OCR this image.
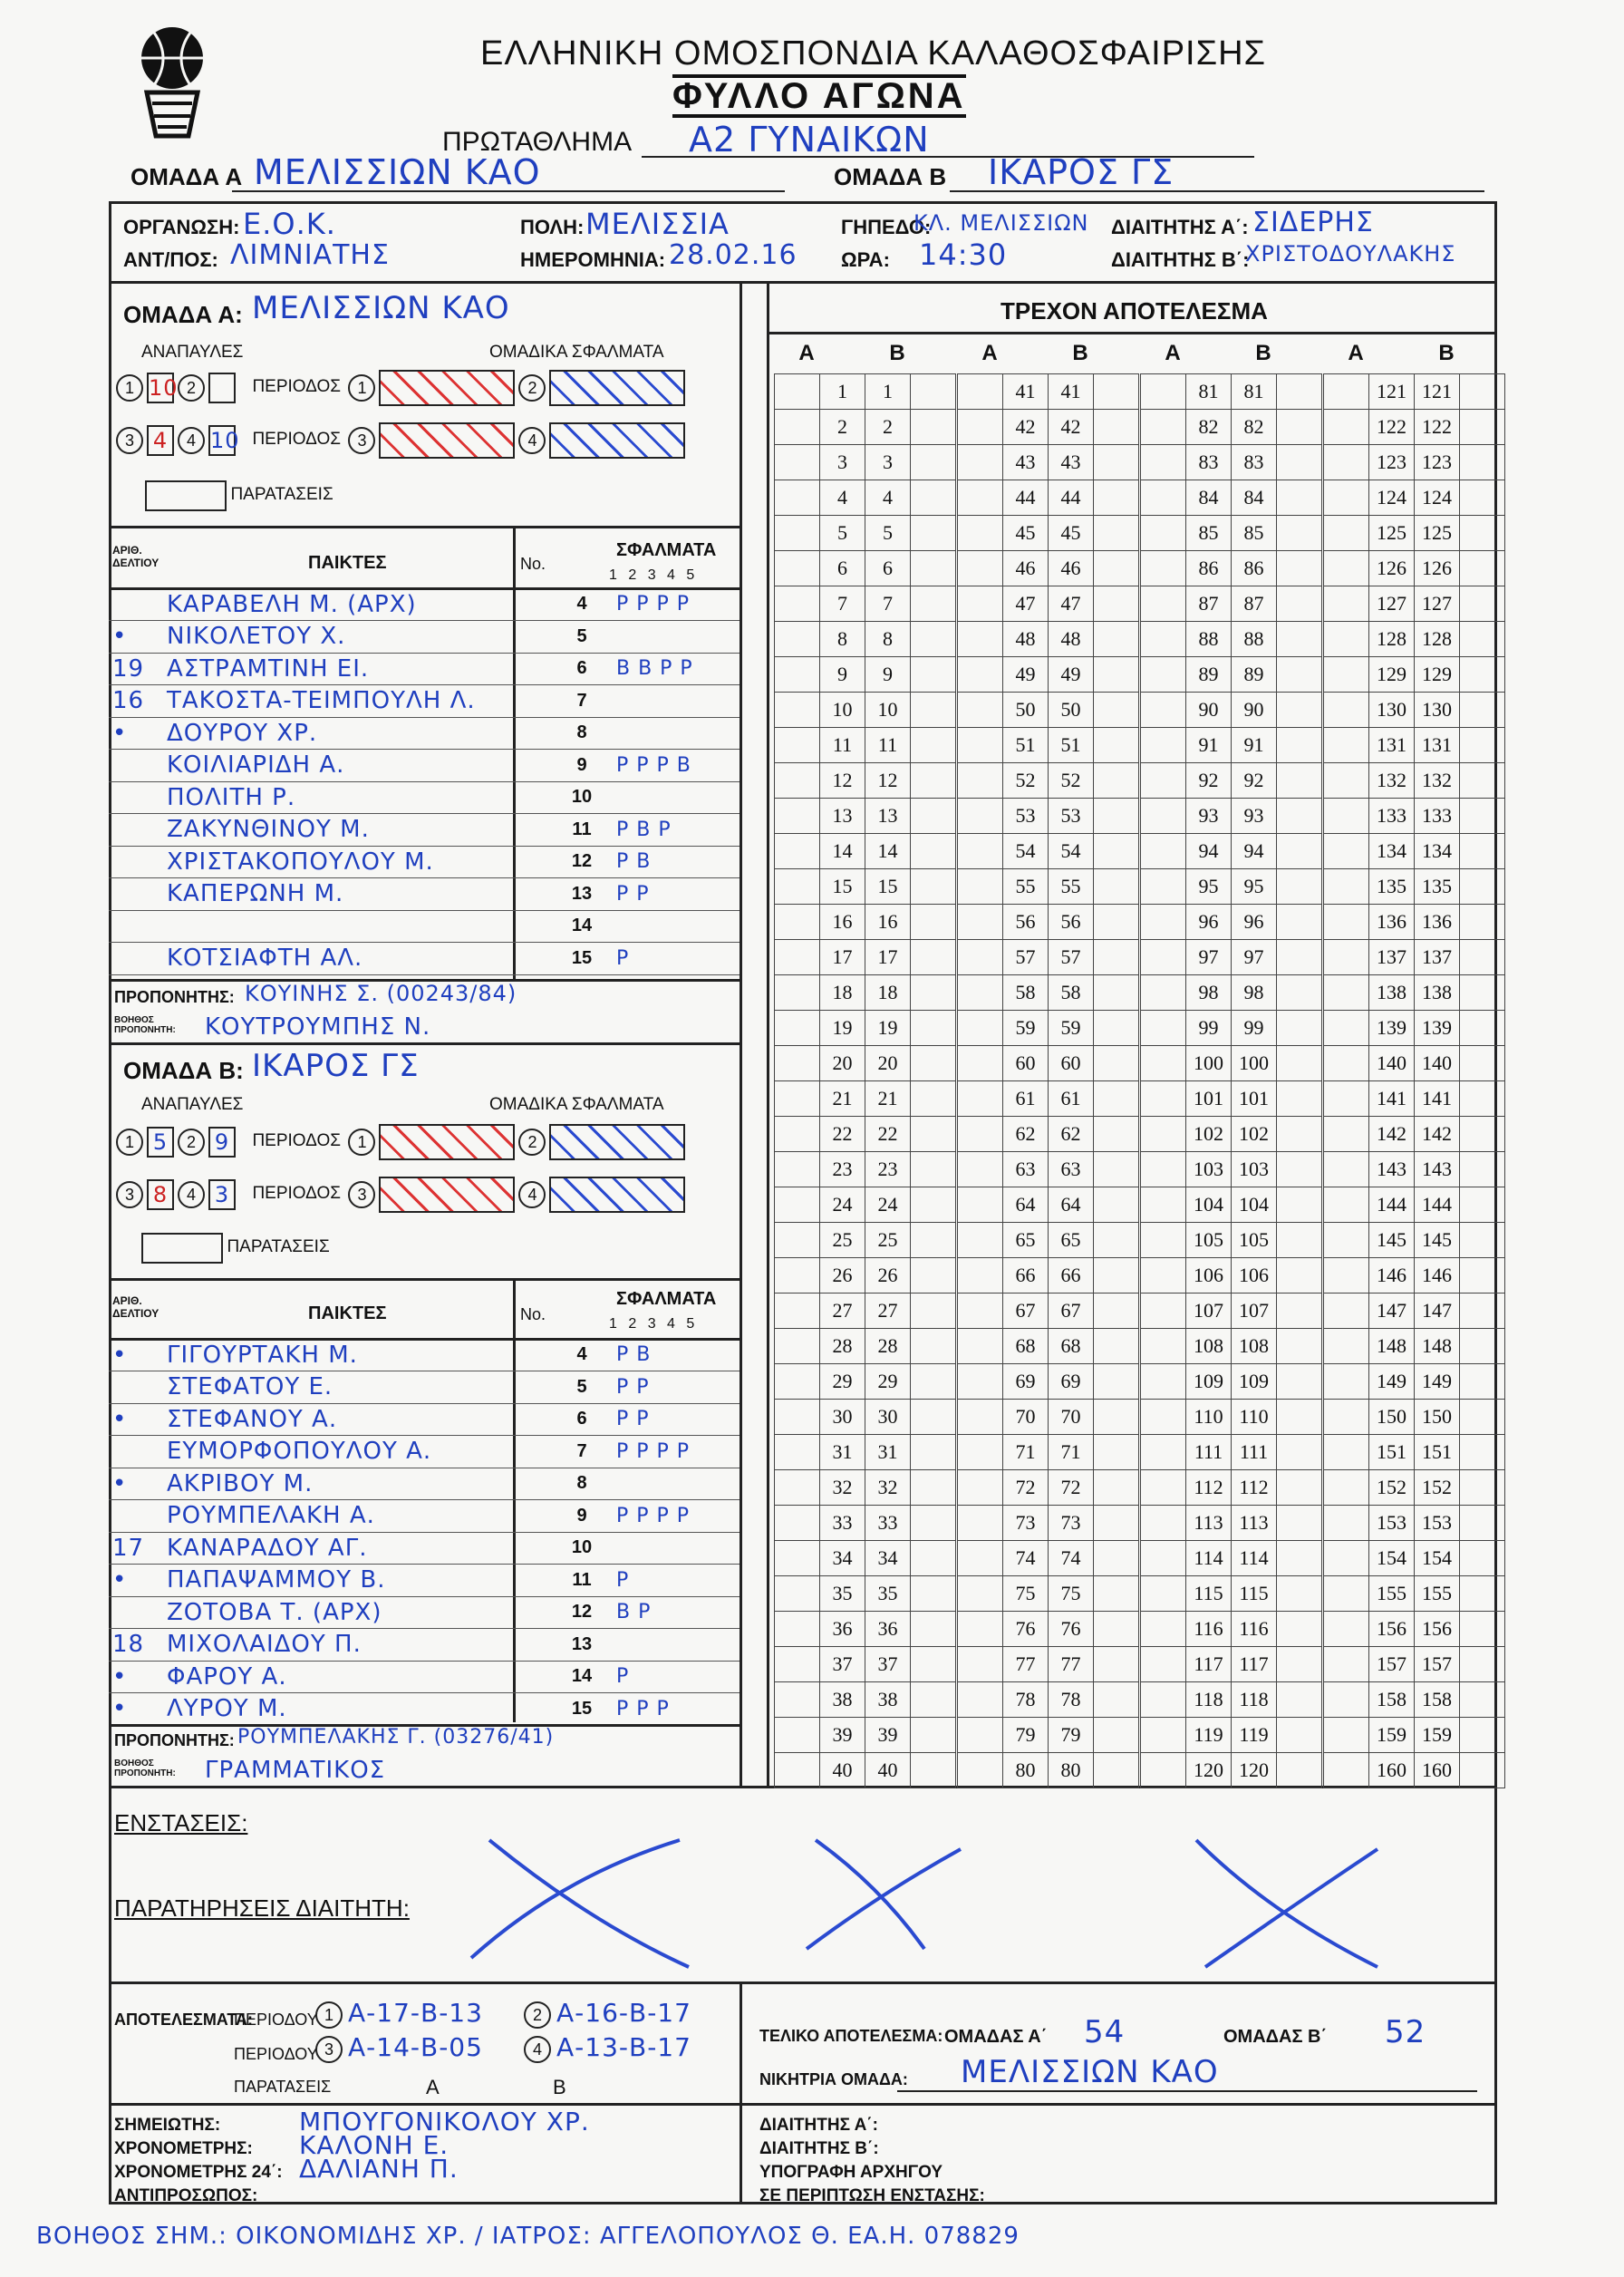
ΕΛΛΗΝΙΚΗ ΟΜΟΣΠΟΝΔΙΑ ΚΑΛΑΘΟΣΦΑΙΡΙΣΗΣ
ΦΥΛΛΟ ΑΓΩΝΑ
ΠΡΩΤΑΘΛΗΜΑ Α2 ΓΥΝΑΙΚΩΝ
ΟΜΑΔΑ Α ΜΕΛΙΣΣΙΩΝ ΚΑΟ	ΟΜΑΔΑ Β ΙΚΑΡΟΣ ΓΣ
ΟΡΓΑΝΩΣΗ: Ε.Ο.Κ.	ΠΟΛΗ: ΜΕΛΙΣΣΙΑ	ΓΗΠΕΔΟ:
ΚΛ. ΜΕΛΙΣΣΙΩΝ ΔΙΑΙΤΗΤΗΣ Α΄: ΣΙΔΕΡΗΣ
ΑΝΤ/ΠΟΣ: ΛΙΜΝΙΑΤΗΣ	ΗΜΕΡΟΜΗΝΙΑ: 28.02.16 ΩΡΑ: 14:30	ΔΙΑΙΤΗΤΗΣ Β΄:
ΧΡΙΣΤΟΔΟΥΛΑΚΗΣ
ΟΜΑΔΑ Α: ΜΕΛΙΣΣΙΩΝ ΚΑΟ
ΑΝΑΠΑΥΛΕΣ	ΟΜΑΔΙΚΑ ΣΦΑΛΜΑΤΑ
1 10 2	ΠΕΡΙΟΔΟΣ 1	2
3 4 4 10 ΠΕΡΙΟΔΟΣ 3	4
ΠΑΡΑΤΑΣΕΙΣ
ΑΡΙΘ. ΔΕΛΤΙΟΥ	ΠΑΙΚΤΕΣ	No.
ΣΦΑΛΜΑΤΑ
1 2 3 4 5
ΚΑΡΑΒΕΛΗ Μ. (ΑΡΧ)	4	P P P P
•	ΝΙΚΟΛΕΤΟΥ Χ.	5
19 ΑΣΤΡΑΜΤΙΝΗ ΕΙ.	6	B B P P
16 ΤΑΚΟΣΤΑ-ΤΕΙΜΠΟΥΛΗ Λ.	7
•	ΔΟΥΡΟΥ ΧΡ.	8
ΚΟΙΛΙΑΡΙΔΗ Α.	9	P P P B
ΠΟΛΙΤΗ Ρ.	10
ΖΑΚΥΝΘΙΝΟΥ Μ.	11	P B P
ΧΡΙΣΤΑΚΟΠΟΥΛΟΥ Μ.	12	P B
ΚΑΠΕΡΩΝΗ Μ.	13	P P
14
ΚΟΤΣΙΑΦΤΗ ΑΛ.	15	P
ΠΡΟΠΟΝΗΤΗΣ: ΚΟΥΙΝΗΣ Σ. (00243/84)
ΒΟΗΘΟΣ ΠΡΟΠΟΝΗΤΗ: ΚΟΥΤΡΟΥΜΠΗΣ Ν.
ΟΜΑΔΑ Β: ΙΚΑΡΟΣ ΓΣ
ΑΝΑΠΑΥΛΕΣ	ΟΜΑΔΙΚΑ ΣΦΑΛΜΑΤΑ
1 5 2 9 ΠΕΡΙΟΔΟΣ 1	2
3 8 4 3 ΠΕΡΙΟΔΟΣ 3	4
ΠΑΡΑΤΑΣΕΙΣ
ΑΡΙΘ. ΔΕΛΤΙΟΥ	ΠΑΙΚΤΕΣ	No.
ΣΦΑΛΜΑΤΑ
1 2 3 4 5
•	ΓΙΓΟΥΡΤΑΚΗ Μ.	4	P B
ΣΤΕΦΑΤΟΥ Ε.	5	P P
•	ΣΤΕΦΑΝΟΥ Α.	6	P P
ΕΥΜΟΡΦΟΠΟΥΛΟΥ Α.	7	P P P P
•	ΑΚΡΙΒΟΥ Μ.	8
ΡΟΥΜΠΕΛΑΚΗ Α.	9	P P P P
17 ΚΑΝΑΡΑΔΟΥ ΑΓ.	10
•	ΠΑΠΑΨΑΜΜΟΥ Β.	11	P
ΖΟΤΟΒΑ Τ. (ΑΡΧ)	12	B P
18 ΜΙΧΟΛΑΙΔΟΥ Π.	13
•	ΦΑΡΟΥ Α.	14	P
•	ΛΥΡΟΥ Μ.	15	P P P
ΠΡΟΠΟΝΗΤΗΣ: ΡΟΥΜΠΕΛΑΚΗΣ Γ. (03276/41)
ΒΟΗΘΟΣ ΠΡΟΠΟΝΗΤΗ: ΓΡΑΜΜΑΤΙΚΟΣ
ΤΡΕΧΟΝ ΑΠΟΤΕΛΕΣΜΑ
Α	Β
	1	1	
	2	2	
	3	3	
	4	4	
	5	5	
	6	6	
	7	7	
	8	8	
	9	9	
	10	10	
	11	11	
	12	12	
	13	13	
	14	14	
	15	15	
	16	16	
	17	17	
	18	18	
	19	19	
	20	20	
	21	21	
	22	22	
	23	23	
	24	24	
	25	25	
	26	26	
	27	27	
	28	28	
	29	29	
	30	30	
	31	31	
	32	32	
	33	33	
	34	34	
	35	35	
	36	36	
	37	37	
	38	38	
	39	39	
	40	40	
Α	Β
	41	41	
	42	42	
	43	43	
	44	44	
	45	45	
	46	46	
	47	47	
	48	48	
	49	49	
	50	50	
	51	51	
	52	52	
	53	53	
	54	54	
	55	55	
	56	56	
	57	57	
	58	58	
	59	59	
	60	60	
	61	61	
	62	62	
	63	63	
	64	64	
	65	65	
	66	66	
	67	67	
	68	68	
	69	69	
	70	70	
	71	71	
	72	72	
	73	73	
	74	74	
	75	75	
	76	76	
	77	77	
	78	78	
	79	79	
	80	80	
Α	Β
	81	81	
	82	82	
	83	83	
	84	84	
	85	85	
	86	86	
	87	87	
	88	88	
	89	89	
	90	90	
	91	91	
	92	92	
	93	93	
	94	94	
	95	95	
	96	96	
	97	97	
	98	98	
	99	99	
	100	100	
	101	101	
	102	102	
	103	103	
	104	104	
	105	105	
	106	106	
	107	107	
	108	108	
	109	109	
	110	110	
	111	111	
	112	112	
	113	113	
	114	114	
	115	115	
	116	116	
	117	117	
	118	118	
	119	119	
	120	120	
Α	Β
	121	121	
	122	122	
	123	123	
	124	124	
	125	125	
	126	126	
	127	127	
	128	128	
	129	129	
	130	130	
	131	131	
	132	132	
	133	133	
	134	134	
	135	135	
	136	136	
	137	137	
	138	138	
	139	139	
	140	140	
	141	141	
	142	142	
	143	143	
	144	144	
	145	145	
	146	146	
	147	147	
	148	148	
	149	149	
	150	150	
	151	151	
	152	152	
	153	153	
	154	154	
	155	155	
	156	156	
	157	157	
	158	158	
	159	159	
	160	160	
ΕΝΣΤΑΣΕΙΣ:
ΠΑΡΑΤΗΡΗΣΕΙΣ ΔΙΑΙΤΗΤΗ:
ΑΠΟΤΕΛΕΣΜΑΤΑ:
ΠΕΡΙΟΔΟΥ 1 Α-17-Β-13	2 Α-16-Β-17
ΠΕΡΙΟΔΟΥ 3 Α-14-Β-05	4 Α-13-Β-17
ΠΑΡΑΤΑΣΕΙΣ	Α	Β
ΤΕΛΙΚΟ ΑΠΟΤΕΛΕΣΜΑ: ΟΜΑΔΑΣ Α΄ 54	ΟΜΑΔΑΣ Β΄ 52
ΝΙΚΗΤΡΙΑ ΟΜΑΔΑ: ΜΕΛΙΣΣΙΩΝ ΚΑΟ
ΣΗΜΕΙΩΤΗΣ:	ΜΠΟΥΓΟΝΙΚΟΛΟΥ ΧΡ.
ΧΡΟΝΟΜΕΤΡΗΣ: ΚΑΛΟΝΗ Ε.
ΧΡΟΝΟΜΕΤΡΗΣ 24΄: ΔΑΛΙΑΝΗ Π.
ΑΝΤΙΠΡΟΣΩΠΟΣ:
ΔΙΑΙΤΗΤΗΣ Α΄:
ΔΙΑΙΤΗΤΗΣ Β΄:
ΥΠΟΓΡΑΦΗ ΑΡΧΗΓΟΥ
ΣΕ ΠΕΡΙΠΤΩΣΗ ΕΝΣΤΑΣΗΣ:
ΒΟΗΘΟΣ ΣΗΜ.: ΟΙΚΟΝΟΜΙΔΗΣ ΧΡ. / ΙΑΤΡΟΣ: ΑΓΓΕΛΟΠΟΥΛΟΣ Θ. ΕΑ.Η. 078829
